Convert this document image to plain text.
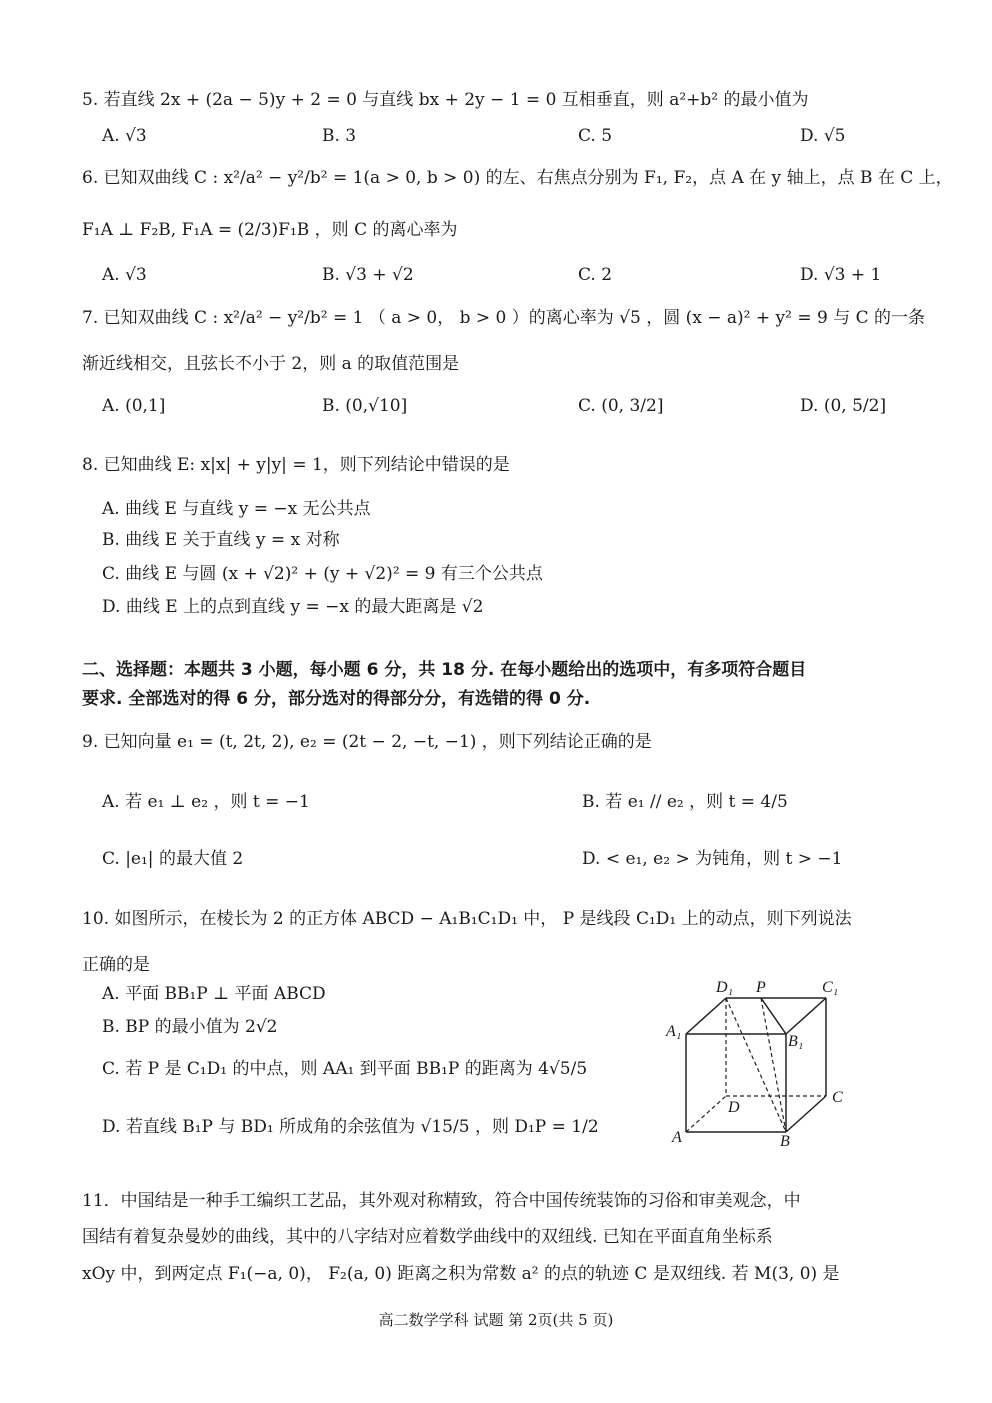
5. 若直线 2x + (2a − 5)y + 2 = 0 与直线 bx + 2y − 1 = 0 互相垂直，则 a²+b² 的最小值为
A. √3	B. 3	C. 5	D. √5
6. 已知双曲线 C : x²/a² − y²/b² = 1(a > 0, b > 0) 的左、右焦点分别为 F₁, F₂，点 A 在 y 轴上，点 B 在 C 上，
F₁A ⊥ F₂B, F₁A = (2/3)F₁B ，则 C 的离心率为
A. √3	B. √3 + √2	C. 2	D. √3 + 1
7. 已知双曲线 C : x²/a² − y²/b² = 1 （ a > 0， b > 0 ）的离心率为 √5 ，圆 (x − a)² + y² = 9 与 C 的一条
渐近线相交，且弦长不小于 2，则 a 的取值范围是
A. (0,1]	B. (0,√10]	C. (0, 3/2]	D. (0, 5/2]
8. 已知曲线 E: x|x| + y|y| = 1，则下列结论中错误的是
A. 曲线 E 与直线 y = −x 无公共点
B. 曲线 E 关于直线 y = x 对称
C. 曲线 E 与圆 (x + √2)² + (y + √2)² = 9 有三个公共点
D. 曲线 E 上的点到直线 y = −x 的最大距离是 √2
二、选择题：本题共 3 小题，每小题 6 分，共 18 分. 在每小题给出的选项中，有多项符合题目
要求. 全部选对的得 6 分，部分选对的得部分分，有选错的得 0 分.
9. 已知向量 e₁ = (t, 2t, 2), e₂ = (2t − 2, −t, −1) ，则下列结论正确的是
A. 若 e₁ ⊥ e₂ ，则 t = −1	B. 若 e₁ // e₂ ，则 t = 4/5
C. |e₁| 的最大值 2	D. < e₁, e₂ > 为钝角，则 t > −1
10. 如图所示，在棱长为 2 的正方体 ABCD − A₁B₁C₁D₁ 中， P 是线段 C₁D₁ 上的动点，则下列说法
正确的是
A. 平面 BB₁P ⊥ 平面 ABCD
B. BP 的最小值为 2√2
C. 若 P 是 C₁D₁ 的中点，则 AA₁ 到平面 BB₁P 的距离为 4√5/5
D. 若直线 B₁P 与 BD₁ 所成角的余弦值为 √15/5 ，则 D₁P = 1/2
D₁ P	C₁
A₁
B₁
D
C
A	B
11．中国结是一种手工编织工艺品，其外观对称精致，符合中国传统装饰的习俗和审美观念，中
国结有着复杂曼妙的曲线，其中的八字结对应着数学曲线中的双纽线. 已知在平面直角坐标系
xOy 中，到两定点 F₁(−a, 0)， F₂(a, 0) 距离之积为常数 a² 的点的轨迹 C 是双纽线. 若 M(3, 0) 是
高二数学学科 试题 第 2页(共 5 页)
